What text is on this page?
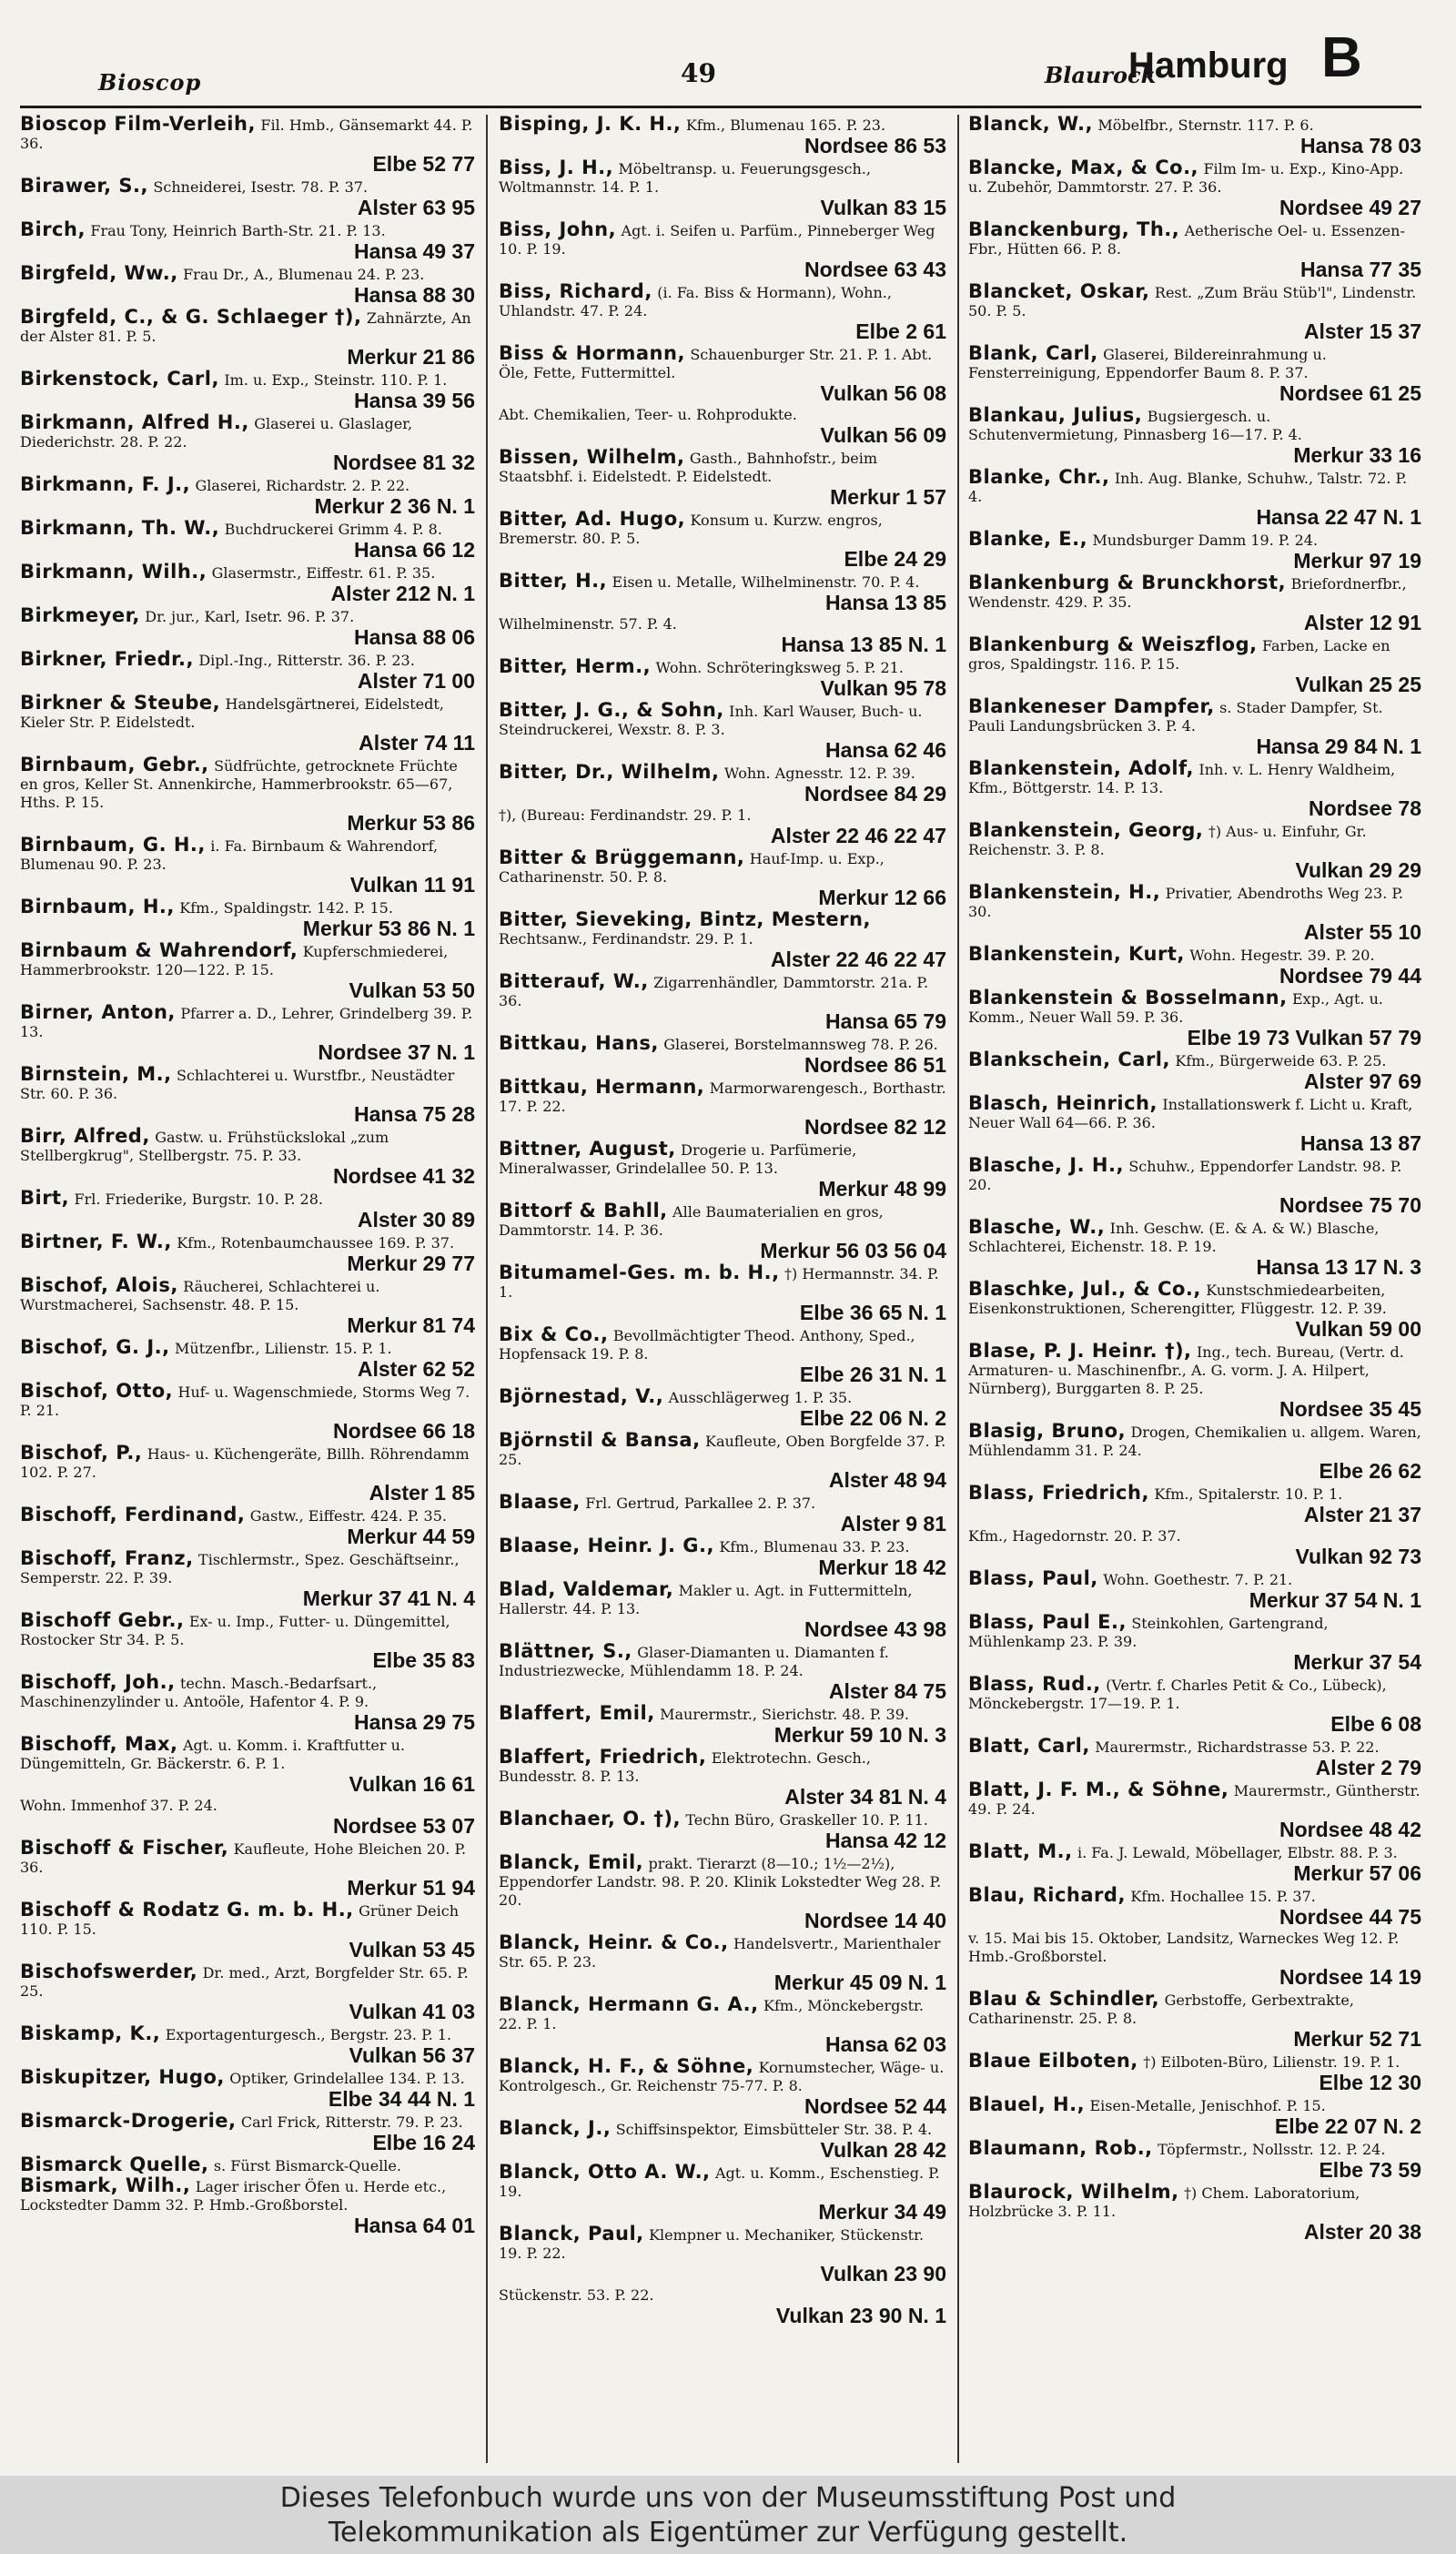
Bioscop	49	Blaurock
Hamburg B
Bioscop Film-Verleih, Fil. Hmb., Gänsemarkt 44. P. 36.
Elbe 52 77
Birawer, S., Schneiderei, Isestr. 78. P. 37.
Alster 63 95
Birch, Frau Tony, Heinrich Barth-Str. 21. P. 13.
Hansa 49 37
Birgfeld, Ww., Frau Dr., A., Blumenau 24. P. 23.
Hansa 88 30
Birgfeld, C., & G. Schlaeger †), Zahnärzte, An der Alster 81. P. 5.
Merkur 21 86
Birkenstock, Carl, Im. u. Exp., Steinstr. 110. P. 1.
Hansa 39 56
Birkmann, Alfred H., Glaserei u. Glaslager, Diederichstr. 28. P. 22.
Nordsee 81 32
Birkmann, F. J., Glaserei, Richardstr. 2. P. 22.
Merkur 2 36 N. 1
Birkmann, Th. W., Buchdruckerei Grimm 4. P. 8.
Hansa 66 12
Birkmann, Wilh., Glasermstr., Eiffestr. 61. P. 35.
Alster 212 N. 1
Birkmeyer, Dr. jur., Karl, Isetr. 96. P. 37.
Hansa 88 06
Birkner, Friedr., Dipl.-Ing., Ritterstr. 36. P. 23.
Alster 71 00
Birkner & Steube, Handelsgärtnerei, Eidelstedt, Kieler Str. P. Eidelstedt.
Alster 74 11
Birnbaum, Gebr., Südfrüchte, getrocknete Früchte en gros, Keller St. Annenkirche, Hammerbrookstr. 65—67, Hths. P. 15.
Merkur 53 86
Birnbaum, G. H., i. Fa. Birnbaum & Wahrendorf, Blumenau 90. P. 23.
Vulkan 11 91
Birnbaum, H., Kfm., Spaldingstr. 142. P. 15.
Merkur 53 86 N. 1
Birnbaum & Wahrendorf, Kupferschmiederei, Hammerbrookstr. 120—122. P. 15.
Vulkan 53 50
Birner, Anton, Pfarrer a. D., Lehrer, Grindelberg 39. P. 13.
Nordsee 37 N. 1
Birnstein, M., Schlachterei u. Wurstfbr., Neustädter Str. 60. P. 36.
Hansa 75 28
Birr, Alfred, Gastw. u. Frühstückslokal „zum Stellbergkrug", Stellbergstr. 75. P. 33.
Nordsee 41 32
Birt, Frl. Friederike, Burgstr. 10. P. 28.
Alster 30 89
Birtner, F. W., Kfm., Rotenbaumchaussee 169. P. 37.
Merkur 29 77
Bischof, Alois, Räucherei, Schlachterei u. Wurstmacherei, Sachsenstr. 48. P. 15.
Merkur 81 74
Bischof, G. J., Mützenfbr., Lilienstr. 15. P. 1.
Alster 62 52
Bischof, Otto, Huf- u. Wagenschmiede, Storms Weg 7. P. 21.
Nordsee 66 18
Bischof, P., Haus- u. Küchengeräte, Billh. Röhrendamm 102. P. 27.
Alster 1 85
Bischoff, Ferdinand, Gastw., Eiffestr. 424. P. 35.
Merkur 44 59
Bischoff, Franz, Tischlermstr., Spez. Geschäftseinr., Semperstr. 22. P. 39.
Merkur 37 41 N. 4
Bischoff Gebr., Ex- u. Imp., Futter- u. Düngemittel, Rostocker Str 34. P. 5.
Elbe 35 83
Bischoff, Joh., techn. Masch.-Bedarfsart., Maschinenzylinder u. Antoöle, Hafentor 4. P. 9.
Hansa 29 75
Bischoff, Max, Agt. u. Komm. i. Kraftfutter u. Düngemitteln, Gr. Bäckerstr. 6. P. 1.
Vulkan 16 61
Wohn. Immenhof 37. P. 24.
Nordsee 53 07
Bischoff & Fischer, Kaufleute, Hohe Bleichen 20. P. 36.
Merkur 51 94
Bischoff & Rodatz G. m. b. H., Grüner Deich 110. P. 15.
Vulkan 53 45
Bischofswerder, Dr. med., Arzt, Borgfelder Str. 65. P. 25.
Vulkan 41 03
Biskamp, K., Exportagenturgesch., Bergstr. 23. P. 1.
Vulkan 56 37
Biskupitzer, Hugo, Optiker, Grindelallee 134. P. 13.
Elbe 34 44 N. 1
Bismarck-Drogerie, Carl Frick, Ritterstr. 79. P. 23.
Elbe 16 24
Bismarck Quelle, s. Fürst Bismarck-Quelle.
Bismark, Wilh., Lager irischer Öfen u. Herde etc., Lockstedter Damm 32. P. Hmb.-Großborstel.
Hansa 64 01
Bisping, J. K. H., Kfm., Blumenau 165. P. 23.
Nordsee 86 53
Biss, J. H., Möbeltransp. u. Feuerungsgesch., Woltmannstr. 14. P. 1.
Vulkan 83 15
Biss, John, Agt. i. Seifen u. Parfüm., Pinneberger Weg 10. P. 19.
Nordsee 63 43
Biss, Richard, (i. Fa. Biss & Hormann), Wohn., Uhlandstr. 47. P. 24.
Elbe 2 61
Biss & Hormann, Schauenburger Str. 21. P. 1. Abt. Öle, Fette, Futtermittel.
Vulkan 56 08
Abt. Chemikalien, Teer- u. Rohprodukte.
Vulkan 56 09
Bissen, Wilhelm, Gasth., Bahnhofstr., beim Staatsbhf. i. Eidelstedt. P. Eidelstedt.
Merkur 1 57
Bitter, Ad. Hugo, Konsum u. Kurzw. engros, Bremerstr. 80. P. 5.
Elbe 24 29
Bitter, H., Eisen u. Metalle, Wilhelminenstr. 70. P. 4.
Hansa 13 85
Wilhelminenstr. 57. P. 4.
Hansa 13 85 N. 1
Bitter, Herm., Wohn. Schröteringksweg 5. P. 21.
Vulkan 95 78
Bitter, J. G., & Sohn, Inh. Karl Wauser, Buch- u. Steindruckerei, Wexstr. 8. P. 3.
Hansa 62 46
Bitter, Dr., Wilhelm, Wohn. Agnesstr. 12. P. 39.
Nordsee 84 29
†), (Bureau: Ferdinandstr. 29. P. 1.
Alster 22 46 22 47
Bitter & Brüggemann, Hauf-Imp. u. Exp., Catharinenstr. 50. P. 8.
Merkur 12 66
Bitter, Sieveking, Bintz, Mestern, Rechtsanw., Ferdinandstr. 29. P. 1.
Alster 22 46 22 47
Bitterauf, W., Zigarrenhändler, Dammtorstr. 21a. P. 36.
Hansa 65 79
Bittkau, Hans, Glaserei, Borstelmannsweg 78. P. 26.
Nordsee 86 51
Bittkau, Hermann, Marmorwarengesch., Borthastr. 17. P. 22.
Nordsee 82 12
Bittner, August, Drogerie u. Parfümerie, Mineralwasser, Grindelallee 50. P. 13.
Merkur 48 99
Bittorf & Bahll, Alle Baumaterialien en gros, Dammtorstr. 14. P. 36.
Merkur 56 03 56 04
Bitumamel-Ges. m. b. H., †) Hermannstr. 34. P. 1.
Elbe 36 65 N. 1
Bix & Co., Bevollmächtigter Theod. Anthony, Sped., Hopfensack 19. P. 8.
Elbe 26 31 N. 1
Björnestad, V., Ausschlägerweg 1. P. 35.
Elbe 22 06 N. 2
Björnstil & Bansa, Kaufleute, Oben Borgfelde 37. P. 25.
Alster 48 94
Blaase, Frl. Gertrud, Parkallee 2. P. 37.
Alster 9 81
Blaase, Heinr. J. G., Kfm., Blumenau 33. P. 23.
Merkur 18 42
Blad, Valdemar, Makler u. Agt. in Futtermitteln, Hallerstr. 44. P. 13.
Nordsee 43 98
Blättner, S., Glaser-Diamanten u. Diamanten f. Industriezwecke, Mühlendamm 18. P. 24.
Alster 84 75
Blaffert, Emil, Maurermstr., Sierichstr. 48. P. 39.
Merkur 59 10 N. 3
Blaffert, Friedrich, Elektrotechn. Gesch., Bundesstr. 8. P. 13.
Alster 34 81 N. 4
Blanchaer, O. †), Techn Büro, Graskeller 10. P. 11.
Hansa 42 12
Blanck, Emil, prakt. Tierarzt (8—10.; 1½—2½), Eppendorfer Landstr. 98. P. 20. Klinik Lokstedter Weg 28. P. 20.
Nordsee 14 40
Blanck, Heinr. & Co., Handelsvertr., Marienthaler Str. 65. P. 23.
Merkur 45 09 N. 1
Blanck, Hermann G. A., Kfm., Mönckebergstr. 22. P. 1.
Hansa 62 03
Blanck, H. F., & Söhne, Kornumstecher, Wäge- u. Kontrolgesch., Gr. Reichenstr 75-77. P. 8.
Nordsee 52 44
Blanck, J., Schiffsinspektor, Eimsbütteler Str. 38. P. 4.
Vulkan 28 42
Blanck, Otto A. W., Agt. u. Komm., Eschenstieg. P. 19.
Merkur 34 49
Blanck, Paul, Klempner u. Mechaniker, Stückenstr. 19. P. 22.
Vulkan 23 90
Stückenstr. 53. P. 22.
Vulkan 23 90 N. 1
Blanck, W., Möbelfbr., Sternstr. 117. P. 6.
Hansa 78 03
Blancke, Max, & Co., Film Im- u. Exp., Kino-App. u. Zubehör, Dammtorstr. 27. P. 36.
Nordsee 49 27
Blanckenburg, Th., Aetherische Oel- u. Essenzen-Fbr., Hütten 66. P. 8.
Hansa 77 35
Blancket, Oskar, Rest. „Zum Bräu Stüb'l", Lindenstr. 50. P. 5.
Alster 15 37
Blank, Carl, Glaserei, Bildereinrahmung u. Fensterreinigung, Eppendorfer Baum 8. P. 37.
Nordsee 61 25
Blankau, Julius, Bugsiergesch. u. Schutenvermietung, Pinnasberg 16—17. P. 4.
Merkur 33 16
Blanke, Chr., Inh. Aug. Blanke, Schuhw., Talstr. 72. P. 4.
Hansa 22 47 N. 1
Blanke, E., Mundsburger Damm 19. P. 24.
Merkur 97 19
Blankenburg & Brunckhorst, Briefordnerfbr., Wendenstr. 429. P. 35.
Alster 12 91
Blankenburg & Weiszflog, Farben, Lacke en gros, Spaldingstr. 116. P. 15.
Vulkan 25 25
Blankeneser Dampfer, s. Stader Dampfer, St. Pauli Landungsbrücken 3. P. 4.
Hansa 29 84 N. 1
Blankenstein, Adolf, Inh. v. L. Henry Waldheim, Kfm., Böttgerstr. 14. P. 13.
Nordsee 78
Blankenstein, Georg, †) Aus- u. Einfuhr, Gr. Reichenstr. 3. P. 8.
Vulkan 29 29
Blankenstein, H., Privatier, Abendroths Weg 23. P. 30.
Alster 55 10
Blankenstein, Kurt, Wohn. Hegestr. 39. P. 20.
Nordsee 79 44
Blankenstein & Bosselmann, Exp., Agt. u. Komm., Neuer Wall 59. P. 36.
Elbe 19 73 Vulkan 57 79
Blankschein, Carl, Kfm., Bürgerweide 63. P. 25.
Alster 97 69
Blasch, Heinrich, Installationswerk f. Licht u. Kraft, Neuer Wall 64—66. P. 36.
Hansa 13 87
Blasche, J. H., Schuhw., Eppendorfer Landstr. 98. P. 20.
Nordsee 75 70
Blasche, W., Inh. Geschw. (E. & A. & W.) Blasche, Schlachterei, Eichenstr. 18. P. 19.
Hansa 13 17 N. 3
Blaschke, Jul., & Co., Kunstschmiedearbeiten, Eisenkonstruktionen, Scherengitter, Flüggestr. 12. P. 39.
Vulkan 59 00
Blase, P. J. Heinr. †), Ing., tech. Bureau, (Vertr. d. Armaturen- u. Maschinenfbr., A. G. vorm. J. A. Hilpert, Nürnberg), Burggarten 8. P. 25.
Nordsee 35 45
Blasig, Bruno, Drogen, Chemikalien u. allgem. Waren, Mühlendamm 31. P. 24.
Elbe 26 62
Blass, Friedrich, Kfm., Spitalerstr. 10. P. 1.
Alster 21 37
Kfm., Hagedornstr. 20. P. 37.
Vulkan 92 73
Blass, Paul, Wohn. Goethestr. 7. P. 21.
Merkur 37 54 N. 1
Blass, Paul E., Steinkohlen, Gartengrand, Mühlenkamp 23. P. 39.
Merkur 37 54
Blass, Rud., (Vertr. f. Charles Petit & Co., Lübeck), Mönckebergstr. 17—19. P. 1.
Elbe 6 08
Blatt, Carl, Maurermstr., Richardstrasse 53. P. 22.
Alster 2 79
Blatt, J. F. M., & Söhne, Maurermstr., Güntherstr. 49. P. 24.
Nordsee 48 42
Blatt, M., i. Fa. J. Lewald, Möbellager, Elbstr. 88. P. 3.
Merkur 57 06
Blau, Richard, Kfm. Hochallee 15. P. 37.
Nordsee 44 75
v. 15. Mai bis 15. Oktober, Landsitz, Warneckes Weg 12. P. Hmb.-Großborstel.
Nordsee 14 19
Blau & Schindler, Gerbstoffe, Gerbextrakte, Catharinenstr. 25. P. 8.
Merkur 52 71
Blaue Eilboten, †) Eilboten-Büro, Lilienstr. 19. P. 1.
Elbe 12 30
Blauel, H., Eisen-Metalle, Jenischhof. P. 15.
Elbe 22 07 N. 2
Blaumann, Rob., Töpfermstr., Nollsstr. 12. P. 24.
Elbe 73 59
Blaurock, Wilhelm, †) Chem. Laboratorium, Holzbrücke 3. P. 11.
Alster 20 38
Dieses Telefonbuch wurde uns von der Museumsstiftung Post und
Telekommunikation als Eigentümer zur Verfügung gestellt.
